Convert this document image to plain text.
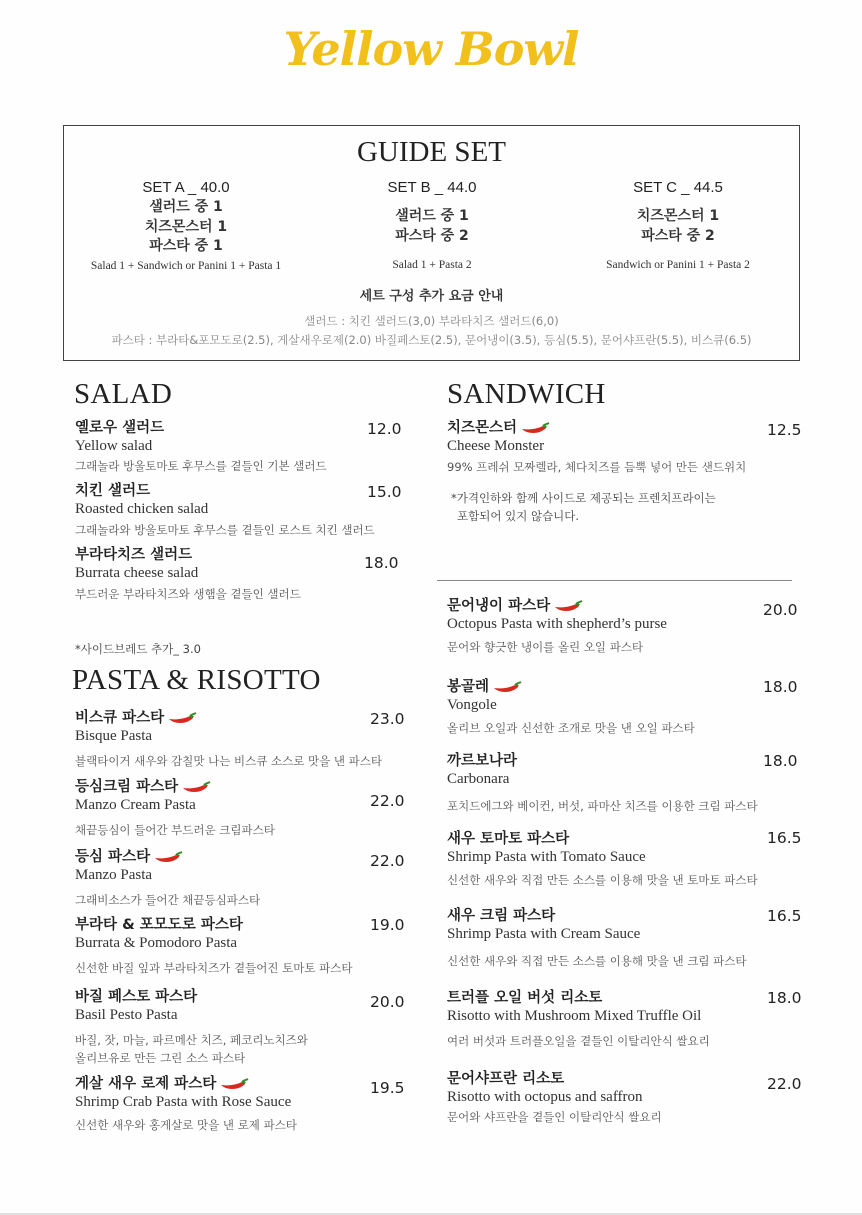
Yellow Bowl
GUIDE SET
SET A _ 40.0
샐러드 중 1
치즈몬스터 1
파스타 중 1
Salad 1 + Sandwich or Panini 1 + Pasta 1
SET B _ 44.0
샐러드 중 1
파스타 중 2
Salad 1 + Pasta 2
SET C _ 44.5
치즈몬스터 1
파스타 중 2
Sandwich or Panini 1 + Pasta 2
세트 구성 추가 요금 안내
샐러드 : 치킨 샐러드(3,0) 부라타치즈 샐러드(6,0)
파스타 : 부라타&포모도로(2.5), 게살새우로제(2.0) 바질페스토(2.5), 문어냉이(3.5), 등심(5.5), 문어샤프란(5.5), 비스큐(6.5)
SALAD
옐로우 샐러드
Yellow salad
그래놀라 방울토마토 후무스를 곁들인 기본 샐러드
12.0
치킨 샐러드
Roasted chicken salad
그래놀라와 방울토마토 후무스를 곁들인 로스트 치킨 샐러드
15.0
부라타치즈 샐러드
Burrata cheese salad
부드러운 부라타치즈와 생햄을 곁들인 샐러드
18.0
*사이드브레드 추가_ 3.0
SANDWICH
치즈몬스터
Cheese Monster
99% 프레쉬 모짜렐라, 체다치즈를 듬뿍 넣어 만든 샌드위치
12.5
*가격인하와 함께 사이드로 제공되는 프렌치프라이는
포함되어 있지 않습니다.
PASTA & RISOTTO
비스큐 파스타
Bisque Pasta
블랙타이거 새우와 감칠맛 나는 비스큐 소스로 맛을 낸 파스타
23.0
등심크림 파스타
Manzo Cream Pasta
채끝등심이 들어간 부드러운 크림파스타
22.0
등심 파스타
Manzo Pasta
그래비소스가 들어간 채끝등심파스타
22.0
부라타 & 포모도로 파스타
Burrata & Pomodoro Pasta
신선한 바질 잎과 부라타치즈가 곁들어진 토마토 파스타
19.0
바질 페스토 파스타
Basil Pesto Pasta
바질, 잣, 마늘, 파르메산 치즈, 페코리노치즈와
올리브유로 만든 그린 소스 파스타
20.0
게살 새우 로제 파스타
Shrimp Crab Pasta with Rose Sauce
신선한 새우와 홍게살로 맛을 낸 로제 파스타
19.5
문어냉이 파스타
Octopus Pasta with shepherd’s purse
문어와 향긋한 냉이를 올린 오일 파스타
20.0
봉골레
Vongole
올리브 오일과 신선한 조개로 맛을 낸 오일 파스타
18.0
까르보나라
Carbonara
포치드에그와 베이컨, 버섯, 파마산 치즈를 이용한 크림 파스타
18.0
새우 토마토 파스타
Shrimp Pasta with Tomato Sauce
신선한 새우와 직접 만든 소스를 이용해 맛을 낸 토마토 파스타
16.5
새우 크림 파스타
Shrimp Pasta with Cream Sauce
신선한 새우와 직접 만든 소스를 이용해 맛을 낸 크림 파스타
16.5
트러플 오일 버섯 리소토
Risotto with Mushroom Mixed Truffle Oil
여러 버섯과 트러플오일을 곁들인 이탈리안식 쌀요리
18.0
문어샤프란 리소토
Risotto with octopus and saffron
문어와 샤프란을 곁들인 이탈리안식 쌀요리
22.0
